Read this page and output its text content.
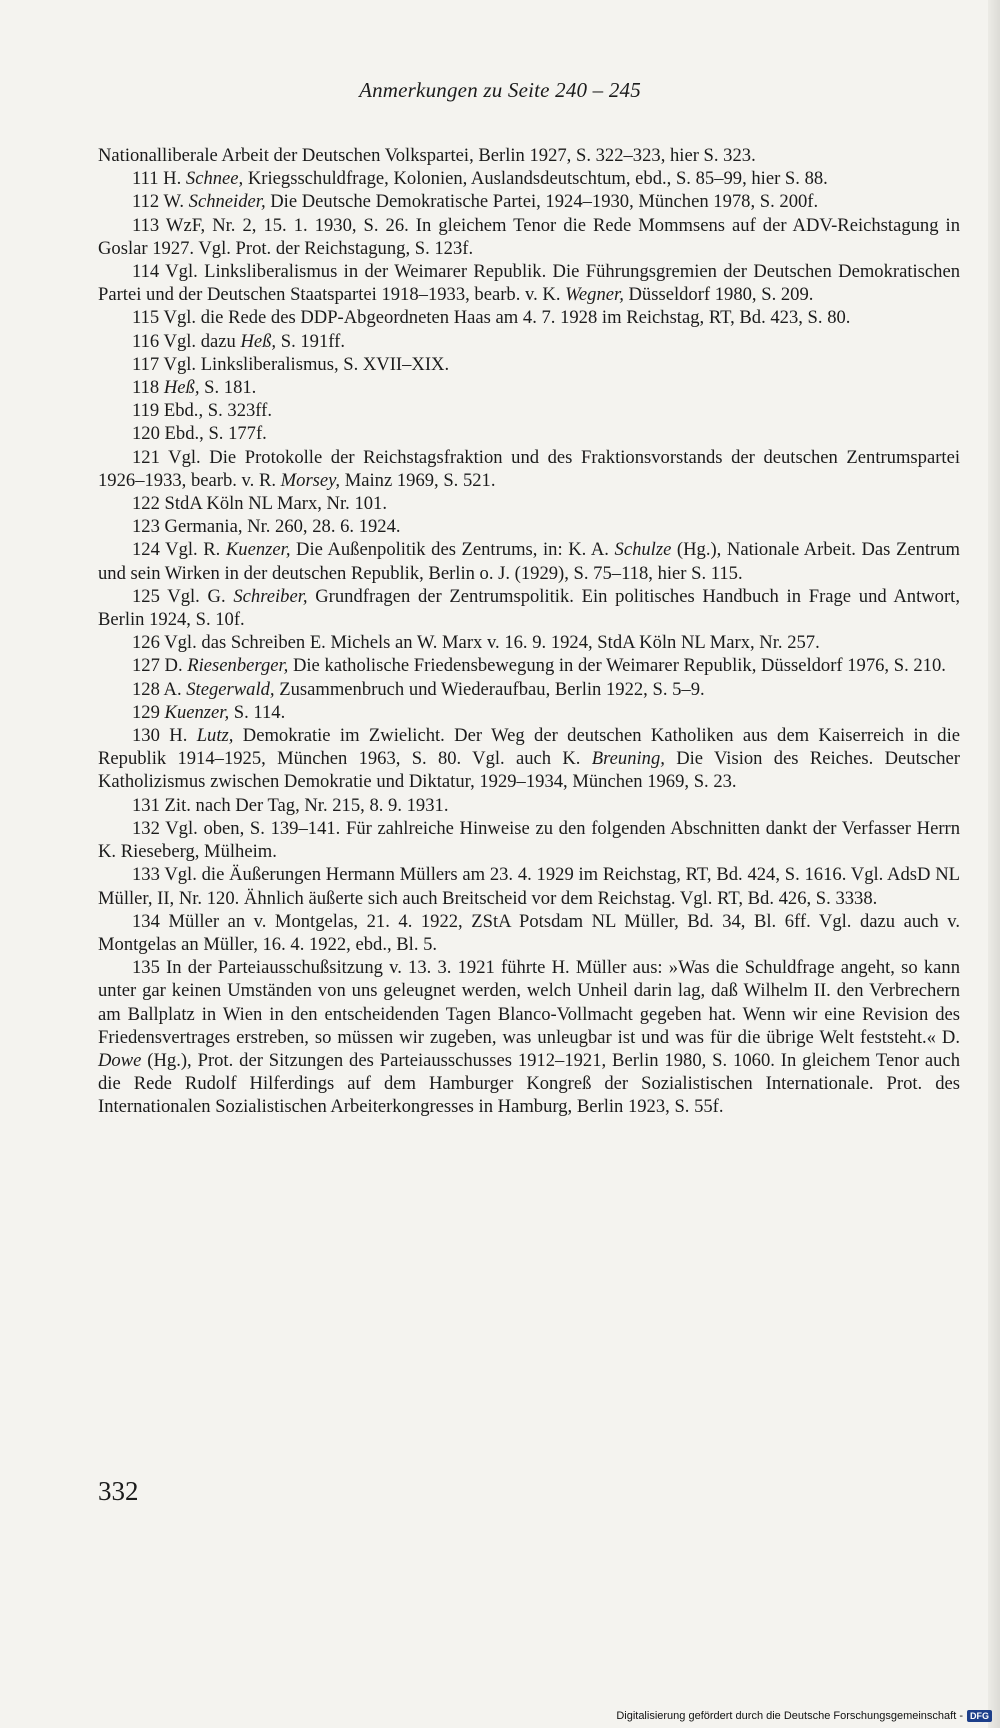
Anmerkungen zu Seite 240 – 245

Nationalliberale Arbeit der Deutschen Volkspartei, Berlin 1927, S. 322–323, hier S. 323.

111 H. Schnee, Kriegsschuldfrage, Kolonien, Auslandsdeutschtum, ebd., S. 85–99, hier S. 88.

112 W. Schneider, Die Deutsche Demokratische Partei, 1924–1930, München 1978, S. 200f.

113 WzF, Nr. 2, 15. 1. 1930, S. 26. In gleichem Tenor die Rede Mommsens auf der ADV-Reichstagung in Goslar 1927. Vgl. Prot. der Reichstagung, S. 123f.

114 Vgl. Linksliberalismus in der Weimarer Republik. Die Führungsgremien der Deutschen Demokratischen Partei und der Deutschen Staatspartei 1918–1933, bearb. v. K. Wegner, Düsseldorf 1980, S. 209.

115 Vgl. die Rede des DDP-Abgeordneten Haas am 4. 7. 1928 im Reichstag, RT, Bd. 423, S. 80.

116 Vgl. dazu Heß, S. 191ff.

117 Vgl. Linksliberalismus, S. XVII–XIX.

118 Heß, S. 181.

119 Ebd., S. 323ff.

120 Ebd., S. 177f.

121 Vgl. Die Protokolle der Reichstagsfraktion und des Fraktionsvorstands der deutschen Zentrumspartei 1926–1933, bearb. v. R. Morsey, Mainz 1969, S. 521.

122 StdA Köln NL Marx, Nr. 101.

123 Germania, Nr. 260, 28. 6. 1924.

124 Vgl. R. Kuenzer, Die Außenpolitik des Zentrums, in: K. A. Schulze (Hg.), Nationale Arbeit. Das Zentrum und sein Wirken in der deutschen Republik, Berlin o. J. (1929), S. 75–118, hier S. 115.

125 Vgl. G. Schreiber, Grundfragen der Zentrumspolitik. Ein politisches Handbuch in Frage und Antwort, Berlin 1924, S. 10f.

126 Vgl. das Schreiben E. Michels an W. Marx v. 16. 9. 1924, StdA Köln NL Marx, Nr. 257.

127 D. Riesenberger, Die katholische Friedensbewegung in der Weimarer Republik, Düsseldorf 1976, S. 210.

128 A. Stegerwald, Zusammenbruch und Wiederaufbau, Berlin 1922, S. 5–9.

129 Kuenzer, S. 114.

130 H. Lutz, Demokratie im Zwielicht. Der Weg der deutschen Katholiken aus dem Kaiserreich in die Republik 1914–1925, München 1963, S. 80. Vgl. auch K. Breuning, Die Vision des Reiches. Deutscher Katholizismus zwischen Demokratie und Diktatur, 1929–1934, München 1969, S. 23.

131 Zit. nach Der Tag, Nr. 215, 8. 9. 1931.

132 Vgl. oben, S. 139–141. Für zahlreiche Hinweise zu den folgenden Abschnitten dankt der Verfasser Herrn K. Rieseberg, Mülheim.

133 Vgl. die Äußerungen Hermann Müllers am 23. 4. 1929 im Reichstag, RT, Bd. 424, S. 1616. Vgl. AdsD NL Müller, II, Nr. 120. Ähnlich äußerte sich auch Breitscheid vor dem Reichstag. Vgl. RT, Bd. 426, S. 3338.

134 Müller an v. Montgelas, 21. 4. 1922, ZStA Potsdam NL Müller, Bd. 34, Bl. 6ff. Vgl. dazu auch v. Montgelas an Müller, 16. 4. 1922, ebd., Bl. 5.

135 In der Parteiausschußsitzung v. 13. 3. 1921 führte H. Müller aus: »Was die Schuldfrage angeht, so kann unter gar keinen Umständen von uns geleugnet werden, welch Unheil darin lag, daß Wilhelm II. den Verbrechern am Ballplatz in Wien in den entscheidenden Tagen Blanco-Vollmacht gegeben hat. Wenn wir eine Revision des Friedensvertrages erstreben, so müssen wir zugeben, was unleugbar ist und was für die übrige Welt feststeht.« D. Dowe (Hg.), Prot. der Sitzungen des Parteiausschusses 1912–1921, Berlin 1980, S. 1060. In gleichem Tenor auch die Rede Rudolf Hilferdings auf dem Hamburger Kongreß der Sozialistischen Internationale. Prot. des Internationalen Sozialistischen Arbeiterkongresses in Hamburg, Berlin 1923, S. 55f.

332
Digitalisierung gefördert durch die Deutsche Forschungsgemeinschaft - DFG
